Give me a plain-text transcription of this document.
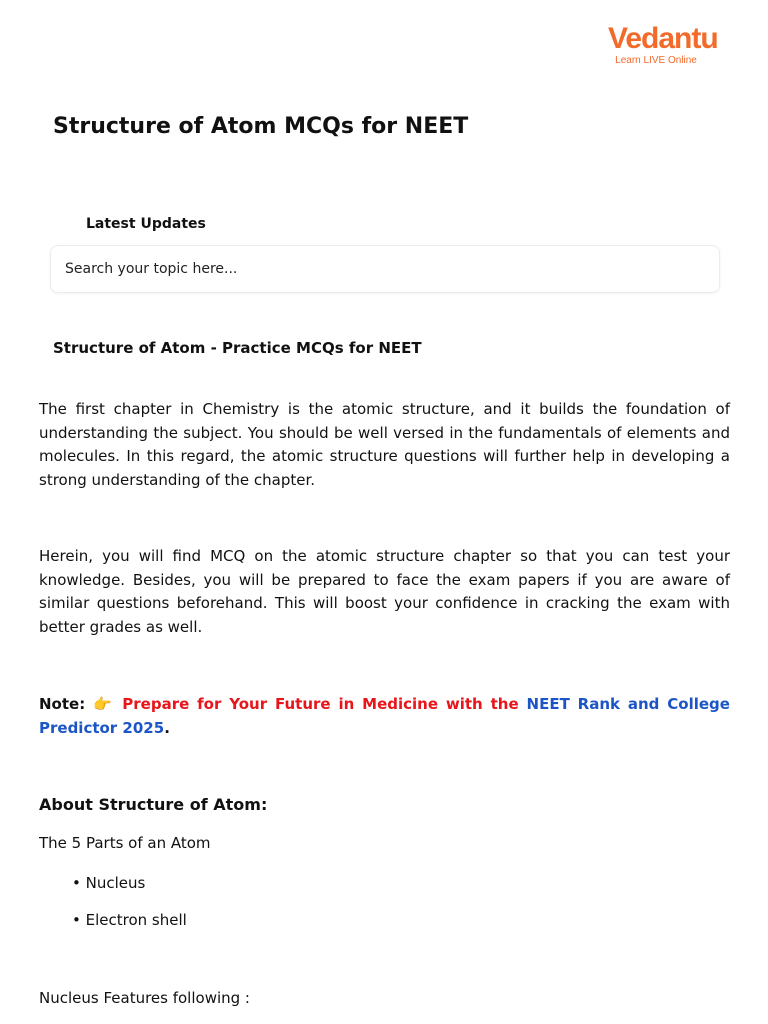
Vedantu
Learn LIVE Online
Structure of Atom MCQs for NEET
Latest Updates
Search your topic here...
Structure of Atom - Practice MCQs for NEET

The first chapter in Chemistry is the atomic structure, and it builds the foundation of understanding the subject. You should be well versed in the fundamentals of elements and molecules. In this regard, the atomic structure questions will further help in developing a strong understanding of the chapter.

Herein, you will find MCQ on the atomic structure chapter so that you can test your knowledge. Besides, you will be prepared to face the exam papers if you are aware of similar questions beforehand. This will boost your confidence in cracking the exam with better grades as well.

Note: 👉 Prepare for Your Future in Medicine with the NEET Rank and College Predictor 2025.

About Structure of Atom:

The 5 Parts of an Atom

• Nucleus
• Electron shell

Nucleus Features following :
